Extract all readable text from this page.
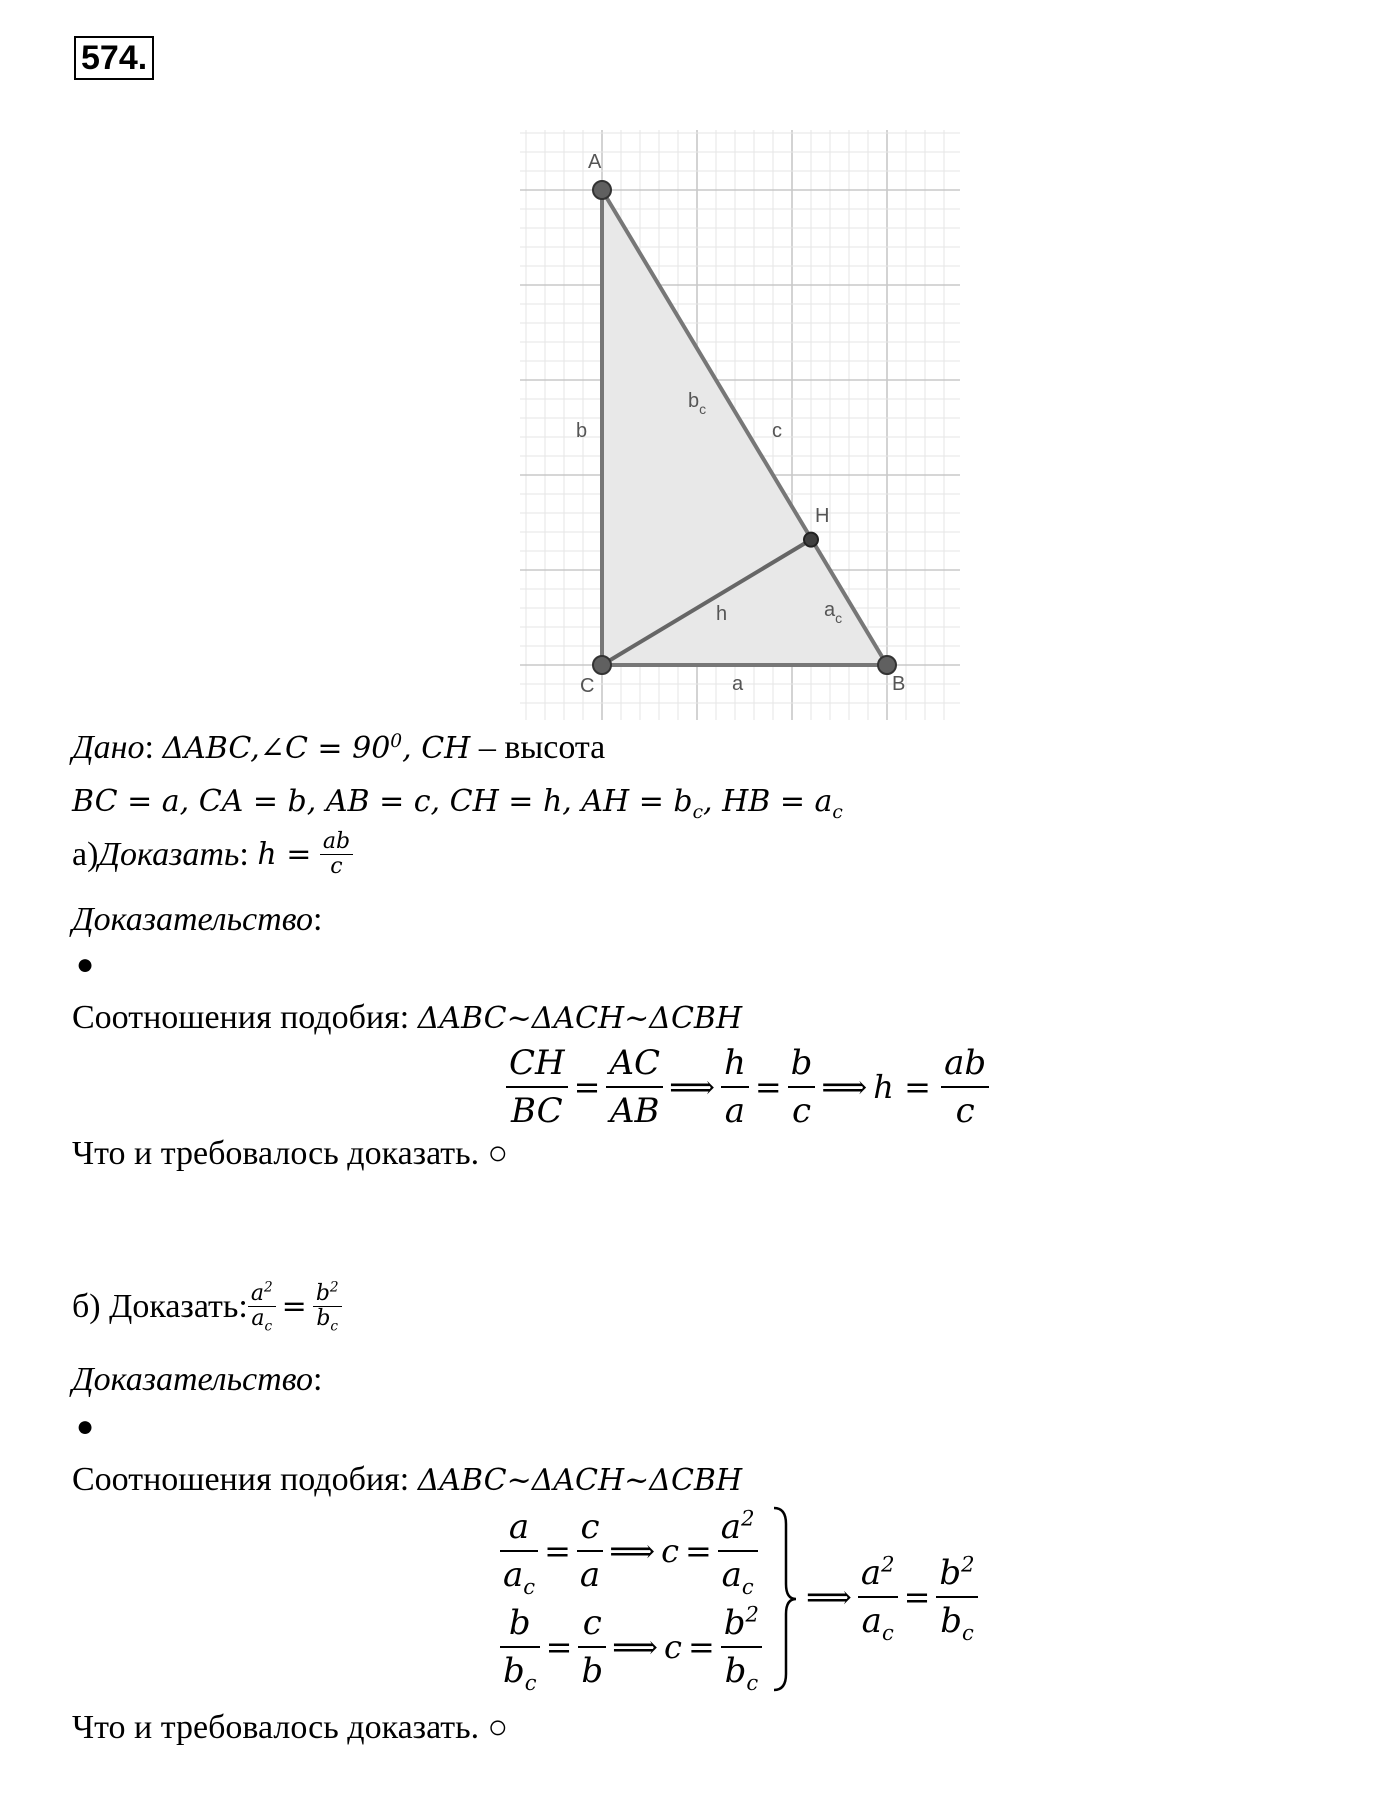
574.
A
B
C
H
b	c
a
h
$b_c$
$a_c$
Дано: ΔABC,∠C = $90^0$, CH – высота
BC = a, CA = b, AB = c, CH = h, AH = $b_c$, HB = $a_c$
а) Доказать : h =
$\frac{ab}{c}$
Доказательство:
●
Соотношения подобия: ΔABC~ΔACH~ΔCBH
$\frac{CH}{BC} = \frac{AC}{AB}$ ⟹ $\frac{h}{a} = \frac{b}{c}$ ⟹ h =
$\frac{ab}{c}$
Что и требовалось доказать. ○
б) Доказать: $\frac{a^2}{a_c} = \frac{b^2}{b_c}$
Доказательство:
●
Соотношения подобия: ΔABC~ΔACH~ΔCBH
$\frac{a}{a_c} = \frac{c}{a}$ ⟹ $c = \frac{a^2}{a_c}$
$\frac{b}{b_c} = \frac{c}{b}$ ⟹ $c = \frac{b^2}{b_c}$
⟹ $\frac{a^2}{a_c} = \frac{b^2}{b_c}$
Что и требовалось доказать. ○
